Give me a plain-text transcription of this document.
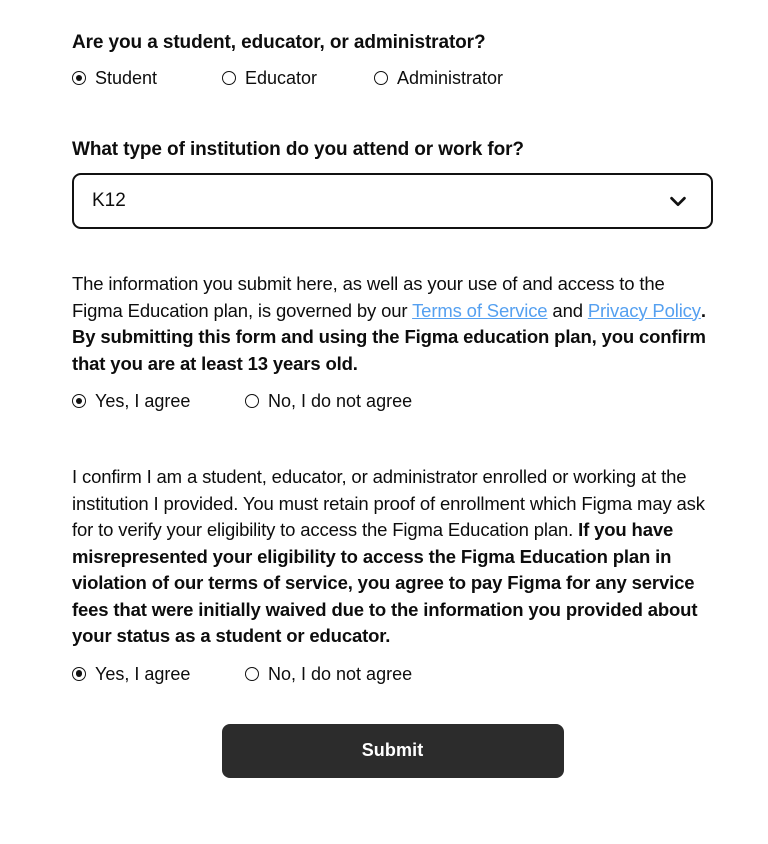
Are you a student, educator, or administrator?
Student	Educator	Administrator
What type of institution do you attend or work for?
K12

The information you submit here, as well as your use of and access to the Figma Education plan, is governed by our Terms of Service and Privacy Policy. By submitting this form and using the Figma education plan, you confirm that you are at least 13 years old.

Yes, I agree	No, I do not agree

I confirm I am a student, educator, or administrator enrolled or working at the institution I provided. You must retain proof of enrollment which Figma may ask for to verify your eligibility to access the Figma Education plan. If you have misrepresented your eligibility to access the Figma Education plan in violation of our terms of service, you agree to pay Figma for any service fees that were initially waived due to the information you provided about your status as a student or educator.

Yes, I agree	No, I do not agree
Submit
